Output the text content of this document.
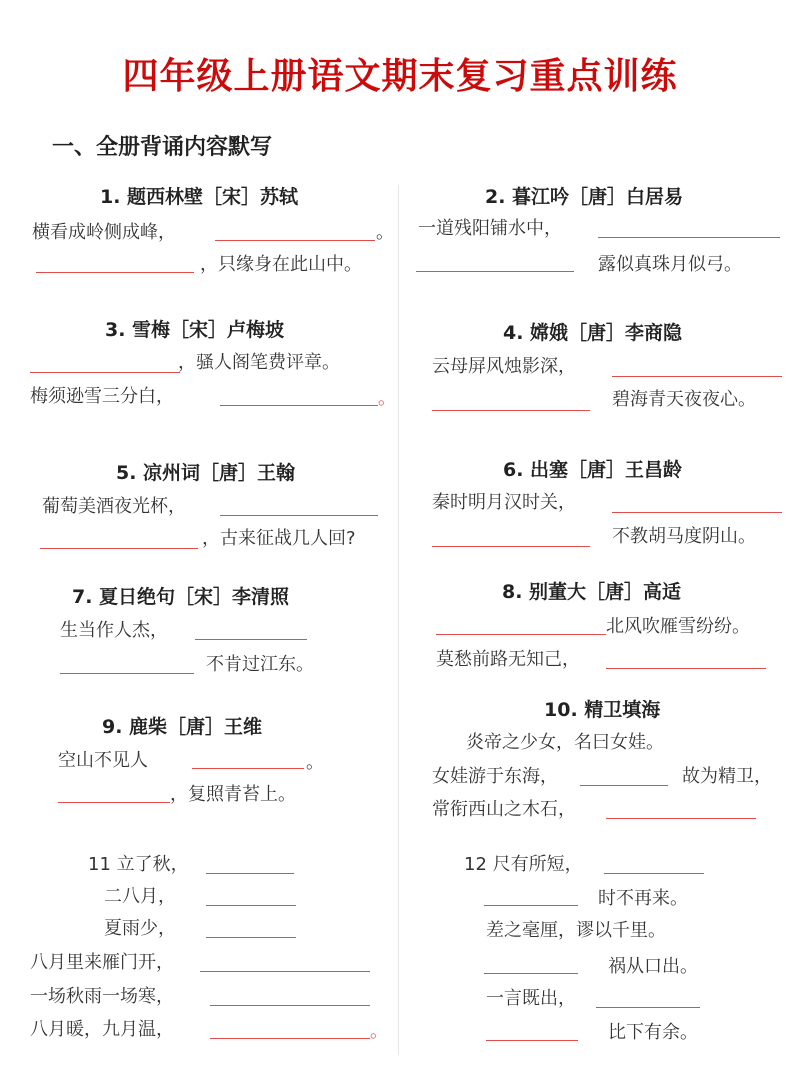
四年级上册语文期末复习重点训练
一、全册背诵内容默写
1. 题西林壁［宋］苏轼
横看成岭侧成峰，	。
，只缘身在此山中。
2. 暮江吟［唐］白居易
一道残阳铺水中，
露似真珠月似弓。
3. 雪梅［宋］卢梅坡
，骚人阁笔费评章。
梅须逊雪三分白，	。
4. 嫦娥［唐］李商隐
云母屏风烛影深，
碧海青天夜夜心。
5. 凉州词［唐］王翰
葡萄美酒夜光杯，
，古来征战几人回?
6. 出塞［唐］王昌龄
秦时明月汉时关，
不教胡马度阴山。
7. 夏日绝句［宋］李清照
生当作人杰，
不肯过江东。
8. 别董大［唐］高适
北风吹雁雪纷纷。
莫愁前路无知己，
9. 鹿柴［唐］王维
空山不见人	。
，复照青苔上。
10. 精卫填海
炎帝之少女，名曰女娃。
女娃游于东海，	故为精卫，
常衔西山之木石，
11 立了秋，
二八月，
夏雨少，
八月里来雁门开，
一场秋雨一场寒，
八月暖，九月温，	。
12 尺有所短，
时不再来。
差之毫厘，谬以千里。
祸从口出。
一言既出，
比下有余。
